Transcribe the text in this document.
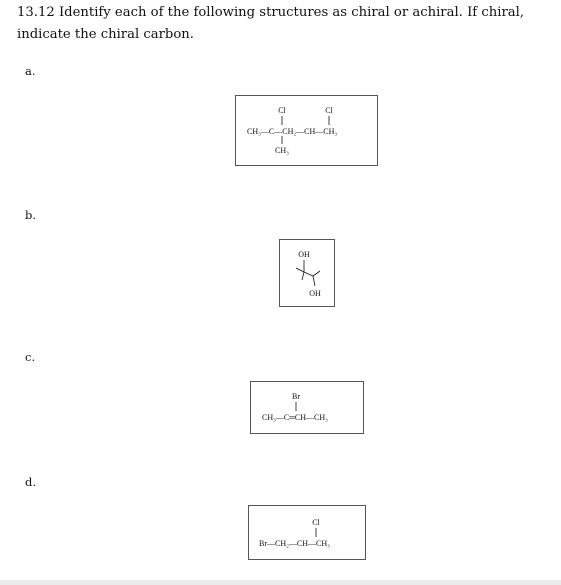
13.12 Identify each of the following structures as chiral or achiral. If chiral, indicate the chiral carbon.
a.
Cl	Cl
CH₃—C—CH₂—CH—CH₃
CH₃
b.
OH
OH
c.
Br
CH₃—C═CH—CH₃
d.
Cl
Br—CH₂—CH—CH₃
